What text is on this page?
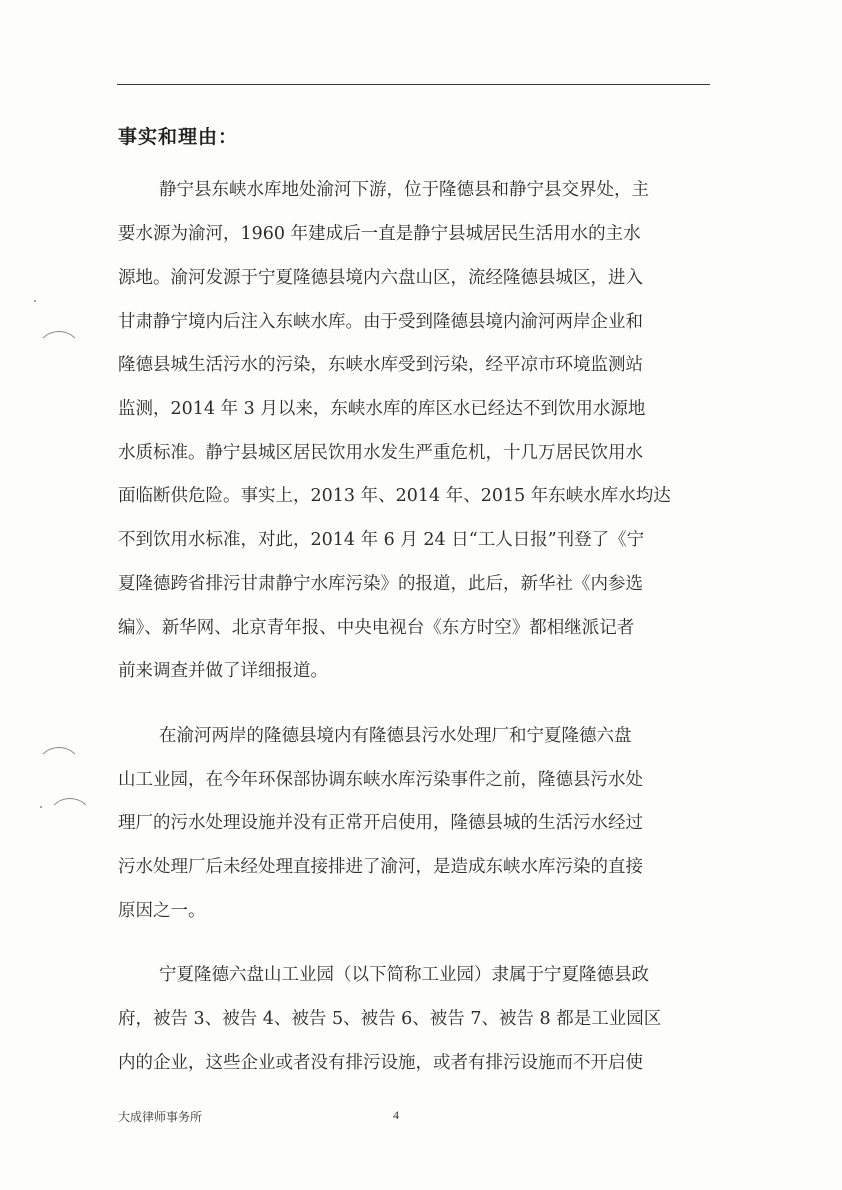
事实和理由：
静宁县东峡水库地处渝河下游，位于隆德县和静宁县交界处，主
要水源为渝河，1960 年建成后一直是静宁县城居民生活用水的主水
源地。渝河发源于宁夏隆德县境内六盘山区，流经隆德县城区，进入
甘肃静宁境内后注入东峡水库。由于受到隆德县境内渝河两岸企业和
隆德县城生活污水的污染，东峡水库受到污染，经平凉市环境监测站
监测，2014 年 3 月以来，东峡水库的库区水已经达不到饮用水源地
水质标准。静宁县城区居民饮用水发生严重危机，十几万居民饮用水
面临断供危险。事实上，2013 年、2014 年、2015 年东峡水库水均达
不到饮用水标准，对此，2014 年 6 月 24 日“工人日报”刊登了《宁
夏隆德跨省排污甘肃静宁水库污染》的报道，此后，新华社《内参选
编》、新华网、北京青年报、中央电视台《东方时空》都相继派记者
前来调查并做了详细报道。
在渝河两岸的隆德县境内有隆德县污水处理厂和宁夏隆德六盘
山工业园，在今年环保部协调东峡水库污染事件之前，隆德县污水处
理厂的污水处理设施并没有正常开启使用，隆德县城的生活污水经过
污水处理厂后未经处理直接排进了渝河，是造成东峡水库污染的直接
原因之一。
宁夏隆德六盘山工业园（以下简称工业园）隶属于宁夏隆德县政
府，被告 3、被告 4、被告 5、被告 6、被告 7、被告 8 都是工业园区
内的企业，这些企业或者没有排污设施，或者有排污设施而不开启使
大成律师事务所	4
